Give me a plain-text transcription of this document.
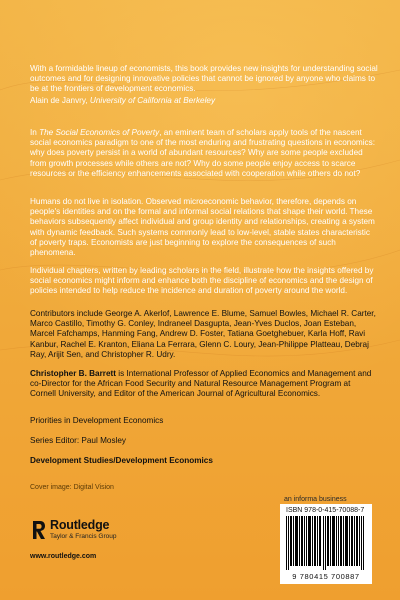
With a formidable lineup of economists, this book provides new insights for understanding social outcomes and for designing innovative policies that cannot be ignored by anyone who claims to be at the frontiers of development economics.

Alain de Janvry, University of California at Berkeley

In The Social Economics of Poverty, an eminent team of scholars apply tools of the nascent social economics paradigm to one of the most enduring and frustrating questions in economics: why does poverty persist in a world of abundant resources? Why are some people excluded from growth processes while others are not? Why do some people enjoy access to scarce resources or the efficiency enhancements associated with cooperation while others do not?

Humans do not live in isolation. Observed microeconomic behavior, therefore, depends on people's identities and on the formal and informal social relations that shape their world. These behaviors subsequently affect individual and group identity and relationships, creating a system with dynamic feedback. Such systems commonly lead to low-level, stable states characteristic of poverty traps. Economists are just beginning to explore the consequences of such phenomena.

Individual chapters, written by leading scholars in the field, illustrate how the insights offered by social economics might inform and enhance both the discipline of economics and the design of policies intended to help reduce the incidence and duration of poverty around the world.

Contributors include George A. Akerlof, Lawrence E. Blume, Samuel Bowles, Michael R. Carter, Marco Castillo, Timothy G. Conley, Indraneel Dasgupta, Jean-Yves Duclos, Joan Esteban, Marcel Fafchamps, Hanming Fang, Andrew D. Foster, Tatiana Goetghebuer, Karla Hoff, Ravi Kanbur, Rachel E. Kranton, Eliana La Ferrara, Glenn C. Loury, Jean-Philippe Platteau, Debraj Ray, Arijit Sen, and Christopher R. Udry.

Christopher B. Barrett is International Professor of Applied Economics and Management and co-Director for the African Food Security and Natural Resource Management Program at Cornell University, and Editor of the American Journal of Agricultural Economics.

Priorities in Development Economics

Series Editor: Paul Mosley

Development Studies/Development Economics

Cover image: Digital Vision
Routledge
Taylor & Francis Group
www.routledge.com
an informa business
ISBN 978-0-415-70088-7
9 780415 700887
